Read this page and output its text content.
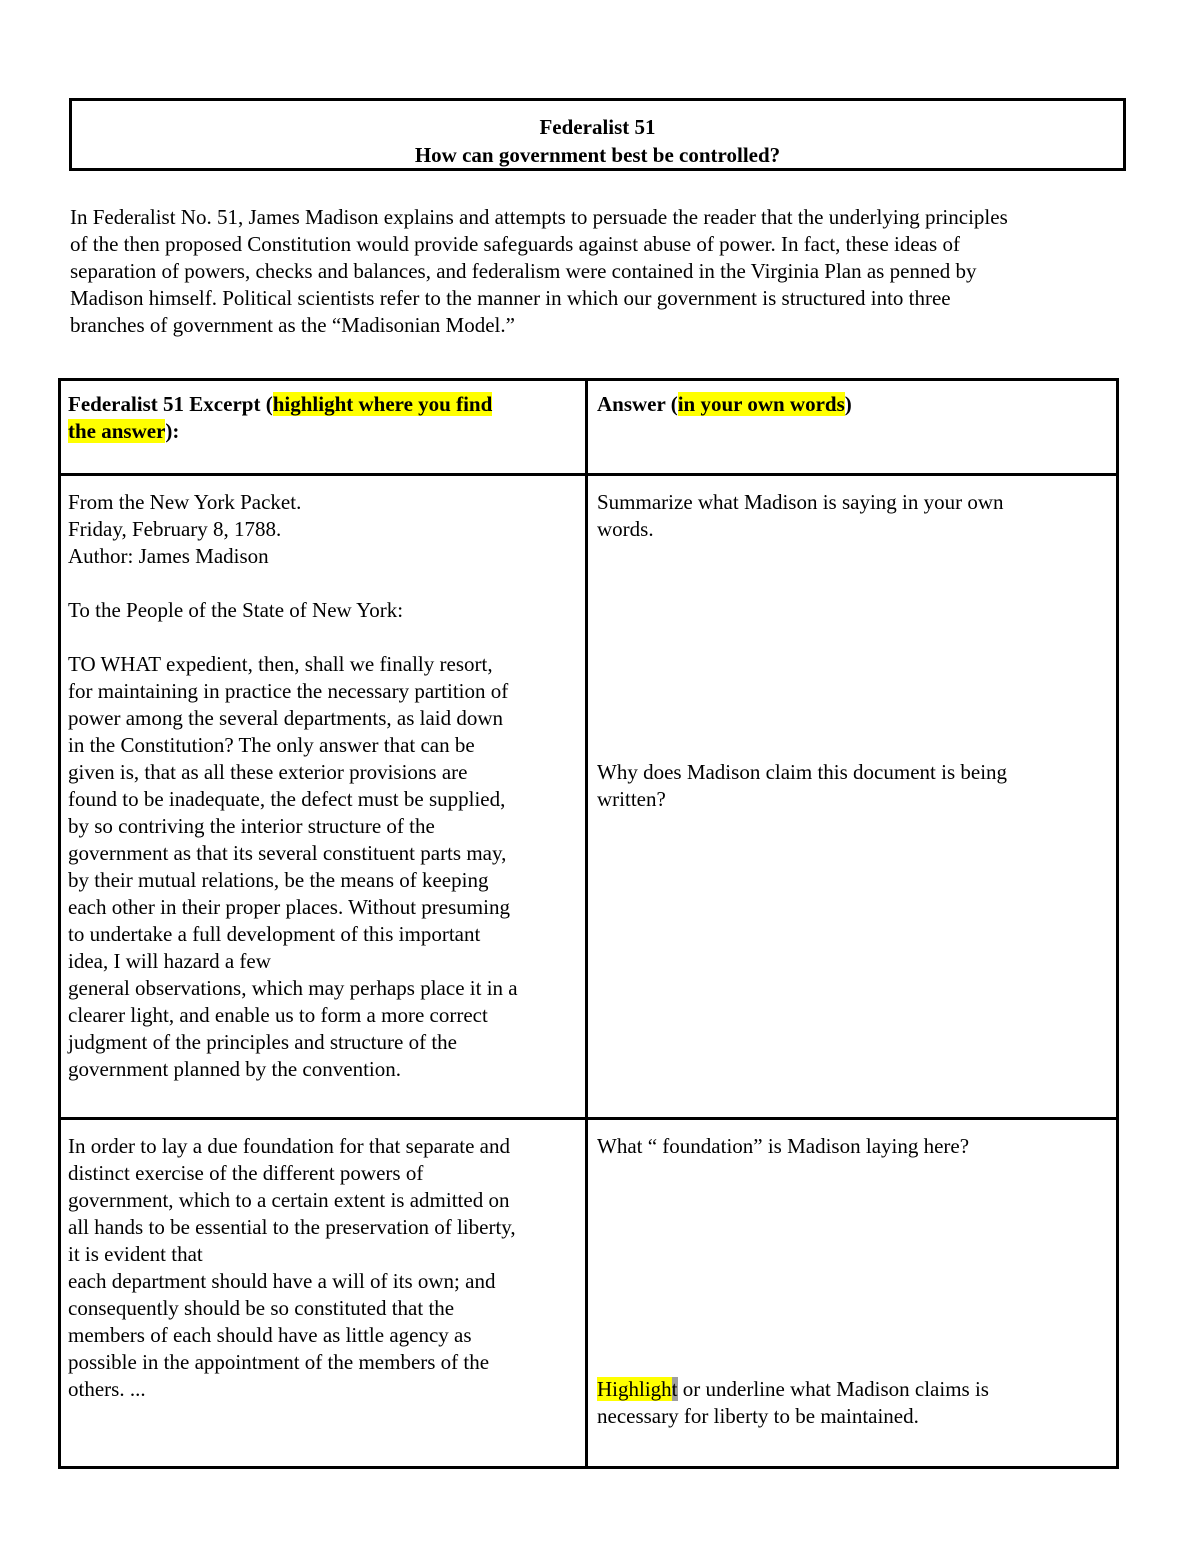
Federalist 51
How can government best be controlled?
In Federalist No. 51, James Madison explains and attempts to persuade the reader that the underlying principles
of the then proposed Constitution would provide safeguards against abuse of power. In fact, these ideas of
separation of powers, checks and balances, and federalism were contained in the Virginia Plan as penned by
Madison himself. Political scientists refer to the manner in which our government is structured into three
branches of government as the “Madisonian Model.”
Federalist 51 Excerpt (highlight where you find
the answer):
Answer (in your own words)
From the New York Packet.
Friday, February 8, 1788.
Author: James Madison
To the People of the State of New York:
TO WHAT expedient, then, shall we finally resort,
for maintaining in practice the necessary partition of
power among the several departments, as laid down
in the Constitution? The only answer that can be
given is, that as all these exterior provisions are
found to be inadequate, the defect must be supplied,
by so contriving the interior structure of the
government as that its several constituent parts may,
by their mutual relations, be the means of keeping
each other in their proper places. Without presuming
to undertake a full development of this important
idea, I will hazard a few
general observations, which may perhaps place it in a
clearer light, and enable us to form a more correct
judgment of the principles and structure of the
government planned by the convention.
Summarize what Madison is saying in your own
words.
Why does Madison claim this document is being
written?
In order to lay a due foundation for that separate and
distinct exercise of the different powers of
government, which to a certain extent is admitted on
all hands to be essential to the preservation of liberty,
it is evident that
each department should have a will of its own; and
consequently should be so constituted that the
members of each should have as little agency as
possible in the appointment of the members of the
others. ...
What “ foundation” is Madison laying here?
Highlight or underline what Madison claims is
necessary for liberty to be maintained.
